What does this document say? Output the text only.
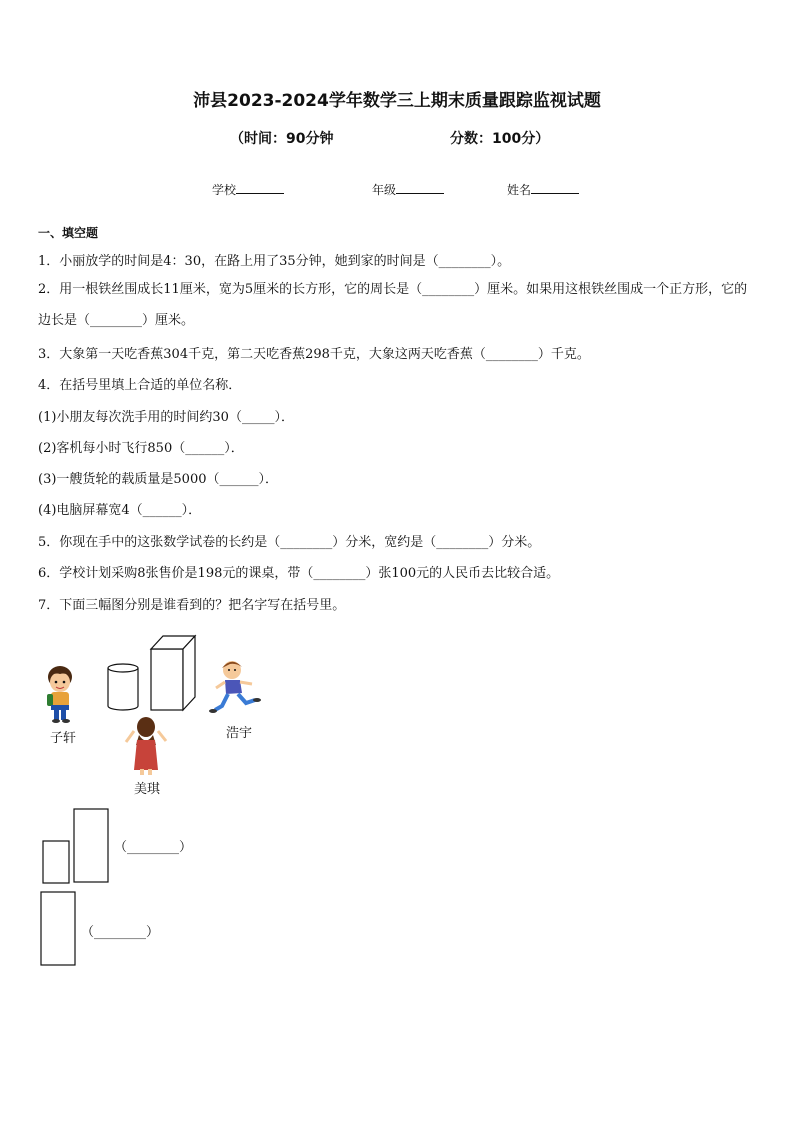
沛县2023-2024学年数学三上期末质量跟踪监视试题
（时间：90分钟	分数：100分）
学校	年级	姓名
一、填空题
1．小丽放学的时间是4：30，在路上用了35分钟，她到家的时间是（________）。
2．用一根铁丝围成长11厘米，宽为5厘米的长方形，它的周长是（________）厘米。如果用这根铁丝围成一个正方形，它的边长是（________）厘米。
3．大象第一天吃香蕉304千克，第二天吃香蕉298千克，大象这两天吃香蕉（________）千克。
4．在括号里填上合适的单位名称．
(1)小朋友每次洗手用的时间约30（_____）．
(2)客机每小时飞行850（______）．
(3)一艘货轮的载质量是5000（______）．
(4)电脑屏幕宽4（______）．
5．你现在手中的这张数学试卷的长约是（________）分米，宽约是（________）分米。
6．学校计划采购8张售价是198元的课桌，带（________）张100元的人民币去比较合适。
7．下面三幅图分别是谁看到的？把名字写在括号里。
子轩	浩宇
美琪
（________）
（________）
